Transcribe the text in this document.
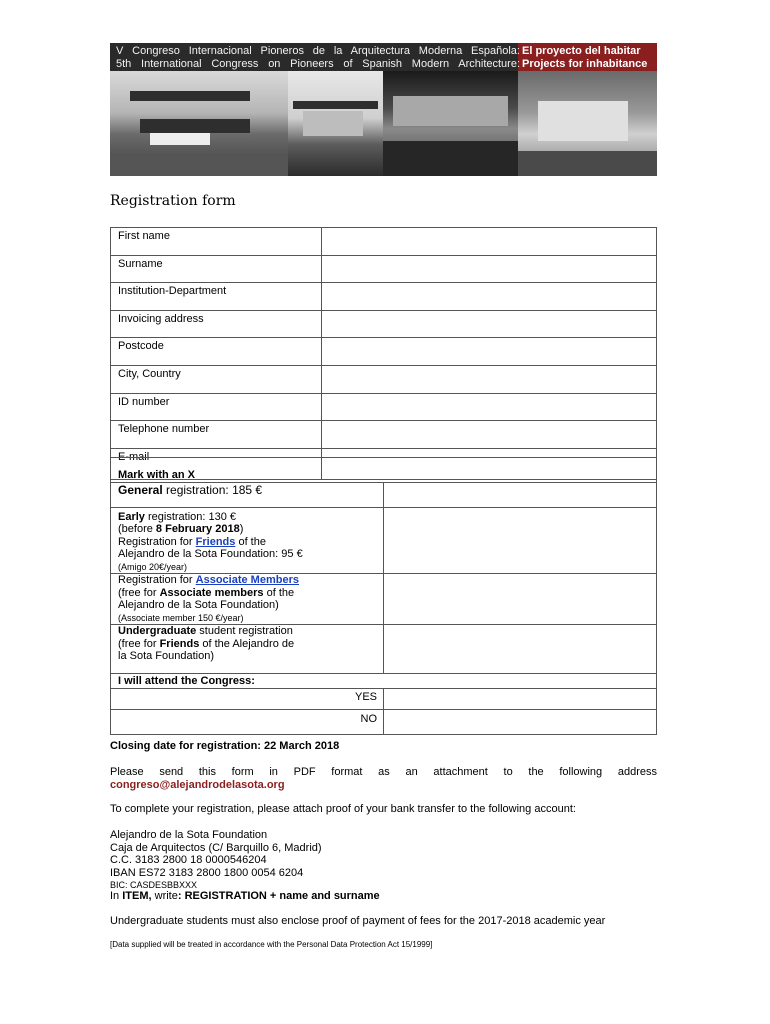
V Congreso Internacional Pioneros de la Arquitectura Moderna Española: El proyecto del habitar
5th International Congress on Pioneers of Spanish Modern Architecture: Projects for inhabitance
Registration form
First name	
Surname	
Institution-Department	
Invoicing address	
Postcode	
City, Country	
ID number	
Telephone number	
E-mail	
Mark with an X	
General registration: 185 €	
Early registration: 130 €
(before 8 February 2018)
Registration for Friends of the
Alejandro de la Sota Foundation: 95 €
(Amigo 20€/year)	
Registration for Associate Members
(free for Associate members of the
Alejandro de la Sota Foundation)
(Associate member 150 €/year)	
Undergraduate student registration
(free for Friends of the Alejandro de
la Sota Foundation)	
I will attend the Congress:	
YES	
NO	
Closing date for registration: 22 March 2018
Please send this form in PDF format as an attachment to the following address
congreso@alejandrodelasota.org
To complete your registration, please attach proof of your bank transfer to the following account:
Alejandro de la Sota Foundation
Caja de Arquitectos (C/ Barquillo 6, Madrid)
C.C. 3183 2800 18 0000546204
IBAN ES72 3183 2800 1800 0054 6204
BIC: CASDESBBXXX
In ITEM, write: REGISTRATION + name and surname
Undergraduate students must also enclose proof of payment of fees for the 2017-2018 academic year
[Data supplied will be treated in accordance with the Personal Data Protection Act 15/1999]
